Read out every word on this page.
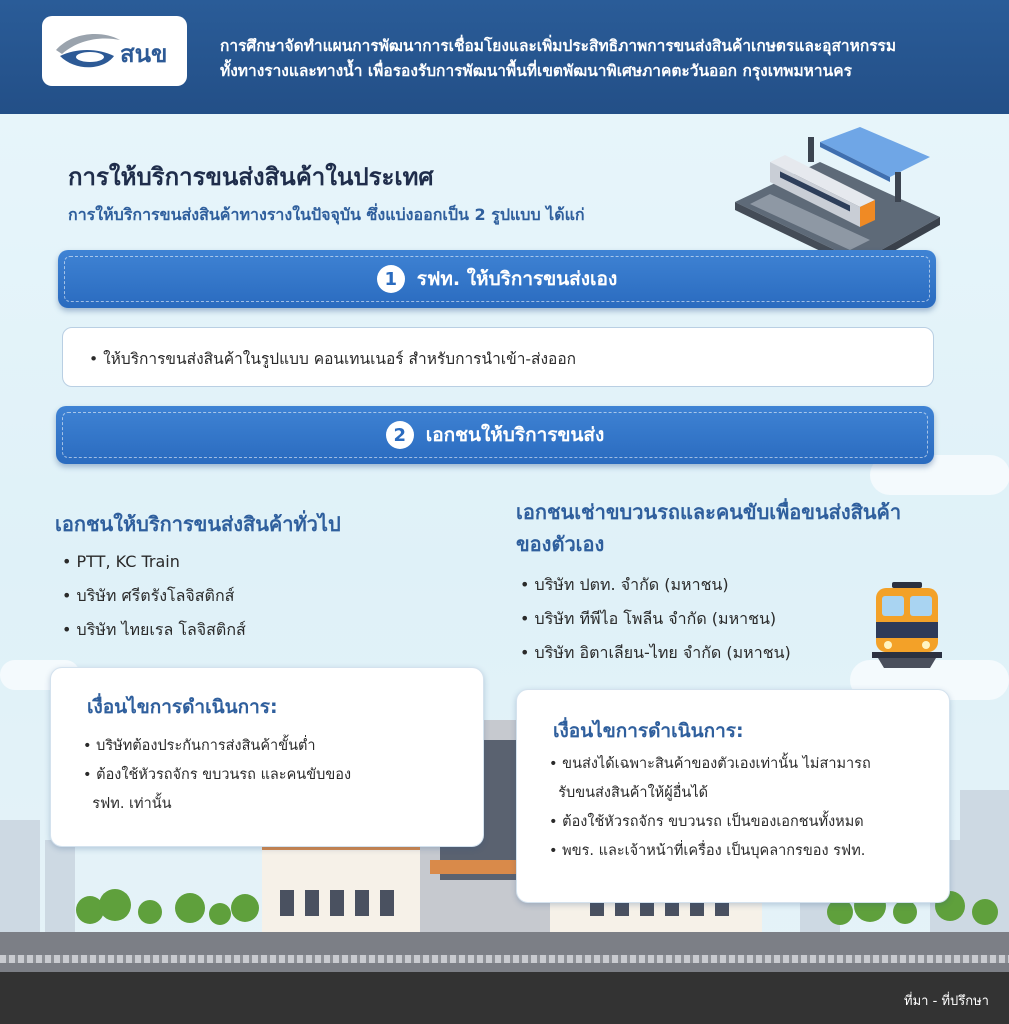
สนข	การศึกษาจัดทำแผนการพัฒนาการเชื่อมโยงและเพิ่มประสิทธิภาพการขนส่งสินค้าเกษตรและอุสาหกรรม
ทั้งทางรางและทางน้ำ เพื่อรองรับการพัฒนาพื้นที่เขตพัฒนาพิเศษภาคตะวันออก กรุงเทพมหานคร
การให้บริการขนส่งสินค้าในประเทศ
การให้บริการขนส่งสินค้าทางรางในปัจจุบัน ซึ่งแบ่งออกเป็น 2 รูปแบบ ได้แก่
1	รฟท. ให้บริการขนส่งเอง
• ให้บริการขนส่งสินค้าในรูปแบบ คอนเทนเนอร์ สำหรับการนำเข้า-ส่งออก
2	เอกชนให้บริการขนส่ง
เอกชนให้บริการขนส่งสินค้าทั่วไป
• PTT, KC Train
• บริษัท ศรีตรังโลจิสติกส์
• บริษัท ไทยเรล โลจิสติกส์
เอกชนเช่าขบวนรถและคนขับเพื่อขนส่งสินค้า
ของตัวเอง
• บริษัท ปตท. จำกัด (มหาชน)
• บริษัท ทีพีไอ โพลีน จำกัด (มหาชน)
• บริษัท อิตาเลียน-ไทย จำกัด (มหาชน)
เงื่อนไขการดำเนินการ:
• บริษัทต้องประกันการส่งสินค้าขั้นต่ำ
• ต้องใช้หัวรถจักร ขบวนรถ และคนขับของ
รฟท. เท่านั้น
เงื่อนไขการดำเนินการ:
• ขนส่งได้เฉพาะสินค้าของตัวเองเท่านั้น ไม่สามารถ
รับขนส่งสินค้าให้ผู้อื่นได้
• ต้องใช้หัวรถจักร ขบวนรถ เป็นของเอกชนทั้งหมด
• พขร. และเจ้าหน้าที่เครื่อง เป็นบุคลากรของ รฟท.
ที่มา - ที่ปรึกษา
